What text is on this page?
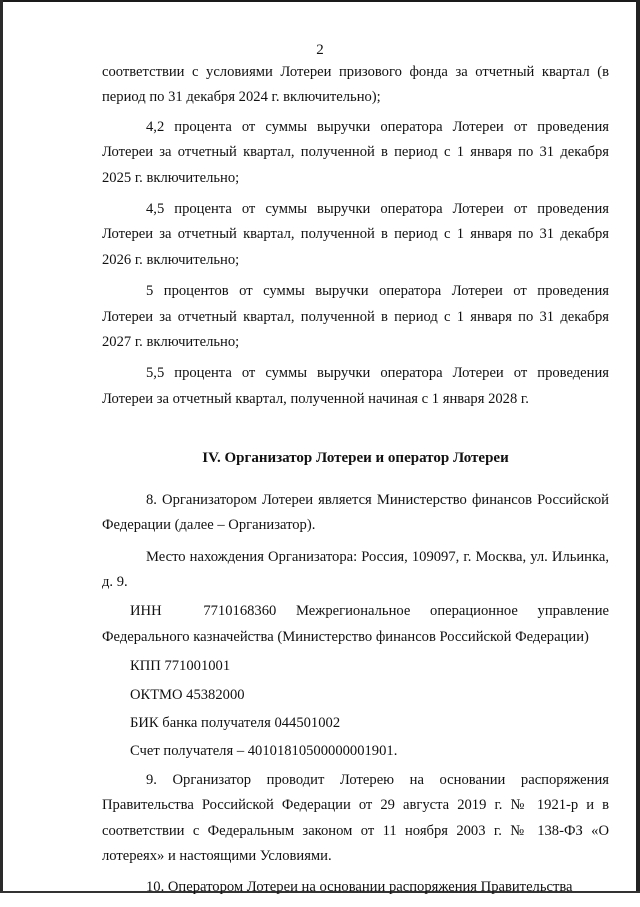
2

соответствии с условиями Лотереи призового фонда за отчетный квартал (в период по 31 декабря 2024 г. включительно);

4,2 процента от суммы выручки оператора Лотереи от проведения Лотереи за отчетный квартал, полученной в период с 1 января по 31 декабря 2025 г. включительно;

4,5 процента от суммы выручки оператора Лотереи от проведения Лотереи за отчетный квартал, полученной в период с 1 января по 31 декабря 2026 г. включительно;

5 процентов от суммы выручки оператора Лотереи от проведения Лотереи за отчетный квартал, полученной в период с 1 января по 31 декабря 2027 г. включительно;

5,5 процента от суммы выручки оператора Лотереи от проведения Лотереи за отчетный квартал, полученной начиная с 1 января 2028 г.

IV. Организатор Лотереи и оператор Лотереи

8. Организатором Лотереи является Министерство финансов Российской Федерации (далее – Организатор).

Место нахождения Организатора: Россия, 109097, г. Москва, ул. Ильинка, д. 9.

ИНН	7710168360 Межрегиональное операционное управление Федерального казначейства (Министерство финансов Российской Федерации)

КПП 771001001

ОКТМО 45382000

БИК банка получателя 044501002

Счет получателя – 40101810500000001901.

9. Организатор проводит Лотерею на основании распоряжения Правительства Российской Федерации от 29 августа 2019 г. № 1921-р и в соответствии с Федеральным законом от 11 ноября 2003 г. № 138-ФЗ «О лотереях» и настоящими Условиями.

10. Оператором Лотереи на основании распоряжения Правительства
